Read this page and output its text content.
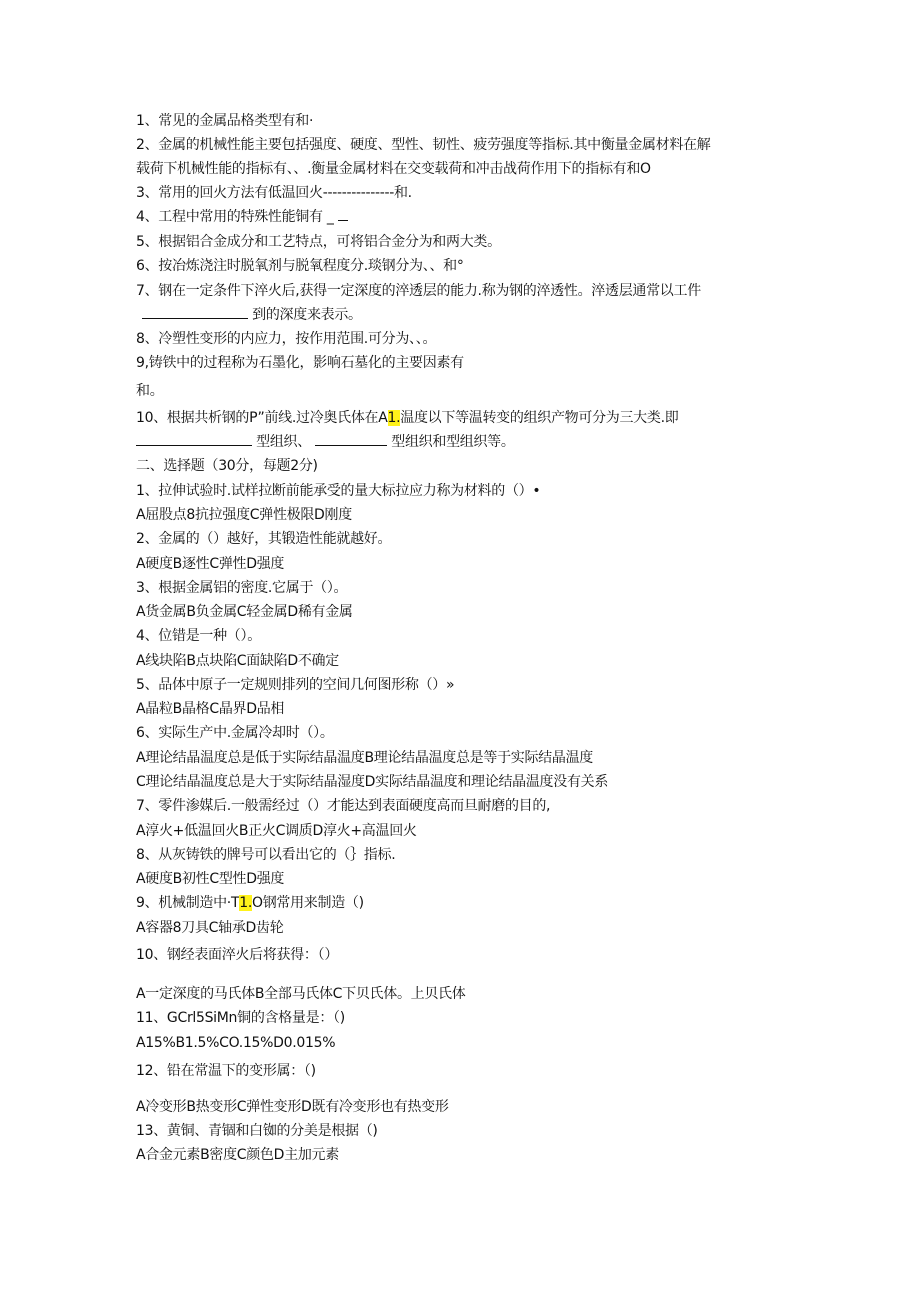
1、常见的金属品格类型有和·
2、金属的机械性能主要包括强度、硬度、型性、韧性、疲劳强度等指标.其中衡量金属材料在解
载荷下机械性能的指标有、、.衡量金属材料在交变载荷和冲击战荷作用下的指标有和O
3、常用的回火方法有低温回火---------------和.
4、工程中常用的特殊性能铜有 _
5、根据铝合金成分和工艺特点，可将铝合金分为和两大类。
6、按冶炼浇注时脱氧剂与脱氧程度分.琰钢分为、、和°
7、钢在一定条件下淬火后,获得一定深度的淬透层的能力.称为钢的淬透性。淬透层通常以工件
到的深度来表示。
8、冷塑性变形的内应力，按作用范围.可分为、、。
9,铸铁中的过程称为石墨化，影响石墓化的主要因素有
和。
10、根据共析钢的P”前线.过冷奥氏体在A1.温度以下等温转变的组织产物可分为三大类.即
型组织、	型组织和型组织等。
二、选择题（30分，每题2分)
1、拉伸试验时.试样拉断前能承受的量大标拉应力称为材料的（）•
A屈股点8抗拉强度C弹性极限D刚度
2、金属的（）越好，其锻造性能就越好。
A硬度B逐性C弹性D强度
3、根据金属铝的密度.它属于（）。
A货金属B负金属C轻金属D稀有金属
4、位错是一种（）。
A线块陷B点块陷C面缺陷D不确定
5、品体中原子一定规则排列的空间几何图形称（）»
A晶粒B晶格C晶界D品相
6、实际生产中.金属冷却时（）。
A理论结晶温度总是低于实际结晶温度B理论结晶温度总是等于实际结晶温度
C理论结晶温度总是大于实际结晶湿度D实际结晶温度和理论结晶温度没有关系
7、零件渗媒后.一般需经过（）才能达到表面硬度高而旦耐磨的目的,
A淳火+低温回火B正火C调质D淳火+高温回火
8、从灰铸铁的牌号可以看出它的（｝指标.
A硬度B初性C型性D强度
9、机械制造中·T1.O钢常用来制造（)
A容器8刀具C轴承D齿轮
10、钢经表面淬火后将获得：（）
A一定深度的马氏体B全部马氏体C下贝氏体。上贝氏体
11、GCrl5SiMn铜的含格量是：（)
A15%B1.5%CO.15%D0.015%
12、铅在常温下的变形属：（)
A冷变形B热变形C弹性变形D既有冷变形也有热变形
13、黄铜、青锢和白铷的分美是根据（)
A合金元素B密度C颜色D主加元素
